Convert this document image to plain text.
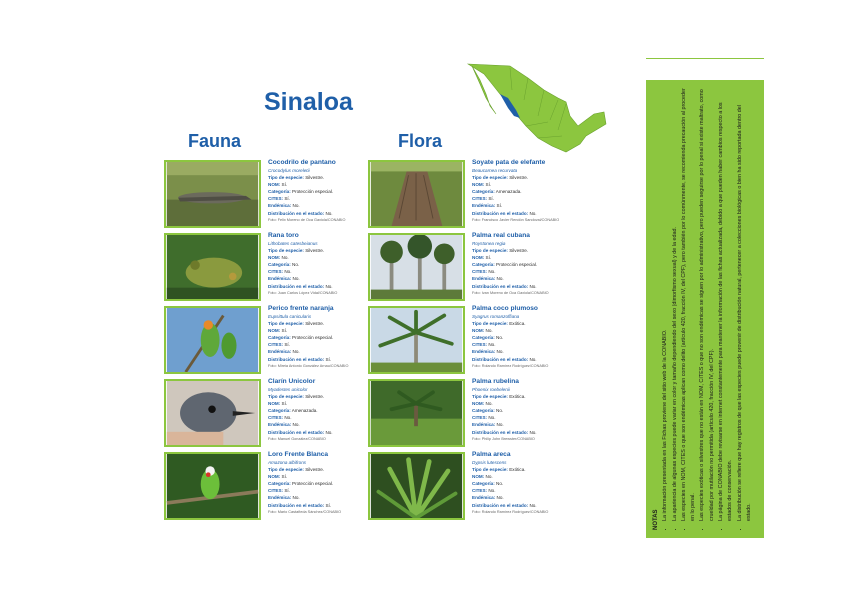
Sinaloa
Fauna	Flora
Cocodrilo de pantano
Crocodylus moreletii
Tipo de especie: Silvestre.
NOM: Sí.
Categoría: Protección especial.
CITES: Sí.
Endémica: No.
Distribución en el estado: No.
Foto: Felix Moreno de Oca Gaxiola/CONABIO
Rana toro
Lithobates catesbeianus
Tipo de especie: Silvestre.
NOM: No.
Categoría: No.
CITES: No.
Endémica: No.
Distribución en el estado: No.
Foto: Juan Carlos López Vidal/CONABIO
Perico frente naranja
Eupsittula canicularis
Tipo de especie: Silvestre.
NOM: Sí.
Categoría: Protección especial.
CITES: Sí.
Endémica: No.
Distribución en el estado: Sí.
Foto: Mireia Antonio González Arnau/CONABIO
Clarín Unicolor
Myadestes unicolor
Tipo de especie: Silvestre.
NOM: Sí.
Categoría: Amenazada.
CITES: No.
Endémica: No.
Distribución en el estado: No.
Foto: Manuel González/CONABIO
Loro Frente Blanca
Amazona albifrons
Tipo de especie: Silvestre.
NOM: Sí.
Categoría: Protección especial.
CITES: Sí.
Endémica: No.
Distribución en el estado: Sí.
Foto: Mario Castañeda Sánchez/CONABIO
Soyate pata de elefante
Beaucarnea recurvata
Tipo de especie: Silvestre.
NOM: Sí.
Categoría: Amenazada.
CITES: Sí.
Endémica: Sí.
Distribución en el estado: No.
Foto: Francisco Javier Rendón Sandoval/CONABIO
Palma real cubana
Roystonea regia
Tipo de especie: Silvestre.
NOM: Sí.
Categoría: Protección especial.
CITES: No.
Endémica: No.
Distribución en el estado: No.
Foto: Ivan Moreno de Oca Gaxiola/CONABIO
Palma coco plumoso
Syagrus romanzoffiana
Tipo de especie: Exótica.
NOM: No.
Categoría: No.
CITES: No.
Endémica: No.
Distribución en el estado: No.
Foto: Rolando Ramírez Rodríguez/CONABIO
Palma rubelina
Phoenix roebelenii
Tipo de especie: Exótica.
NOM: No.
Categoría: No.
CITES: No.
Endémica: No.
Distribución en el estado: No.
Foto: Philip John Brewster/CONABIO
Palma areca
Dypsis lutescens
Tipo de especie: Exótica.
NOM: No.
Categoría: No.
CITES: No.
Endémica: No.
Distribución en el estado: No.
Foto: Rolando Ramírez Rodríguez/CONABIO	NOTAS • La información presentada en las Fichas proviene del sitio web de la CONABIO. • La apariencia de algunas especies puede variar en color y tamaño dependiendo del sexo (dimorfismo sexual) y de la edad. • Las especies en NOM, CITES o que son endémicas aplican como delito (artículo 420, fracción IV, del CPF), pero también por lo comúnmente, se recomienda precaución al proceder en lo penal. • Las especies exóticas o silvestres que no están en NOM, CITES o que no son endémicas se siguen por lo administrativo, pero pueden seguirse por lo penal si existe maltrato, como crueldad por mutilación no permitida (artículo 420, fracción IV, del CPF). • La página de CONABIO debe revisarse en internet constantemente para mantener la información de las fichas actualizada, debido a que pueden haber cambios respecto a los estados de conservación. • La distribución se refiere que hay registros de que las especies puede provenir de distribución natural, pertenecer a colecciones biológicas o bien ha sido reportada dentro del estado.
